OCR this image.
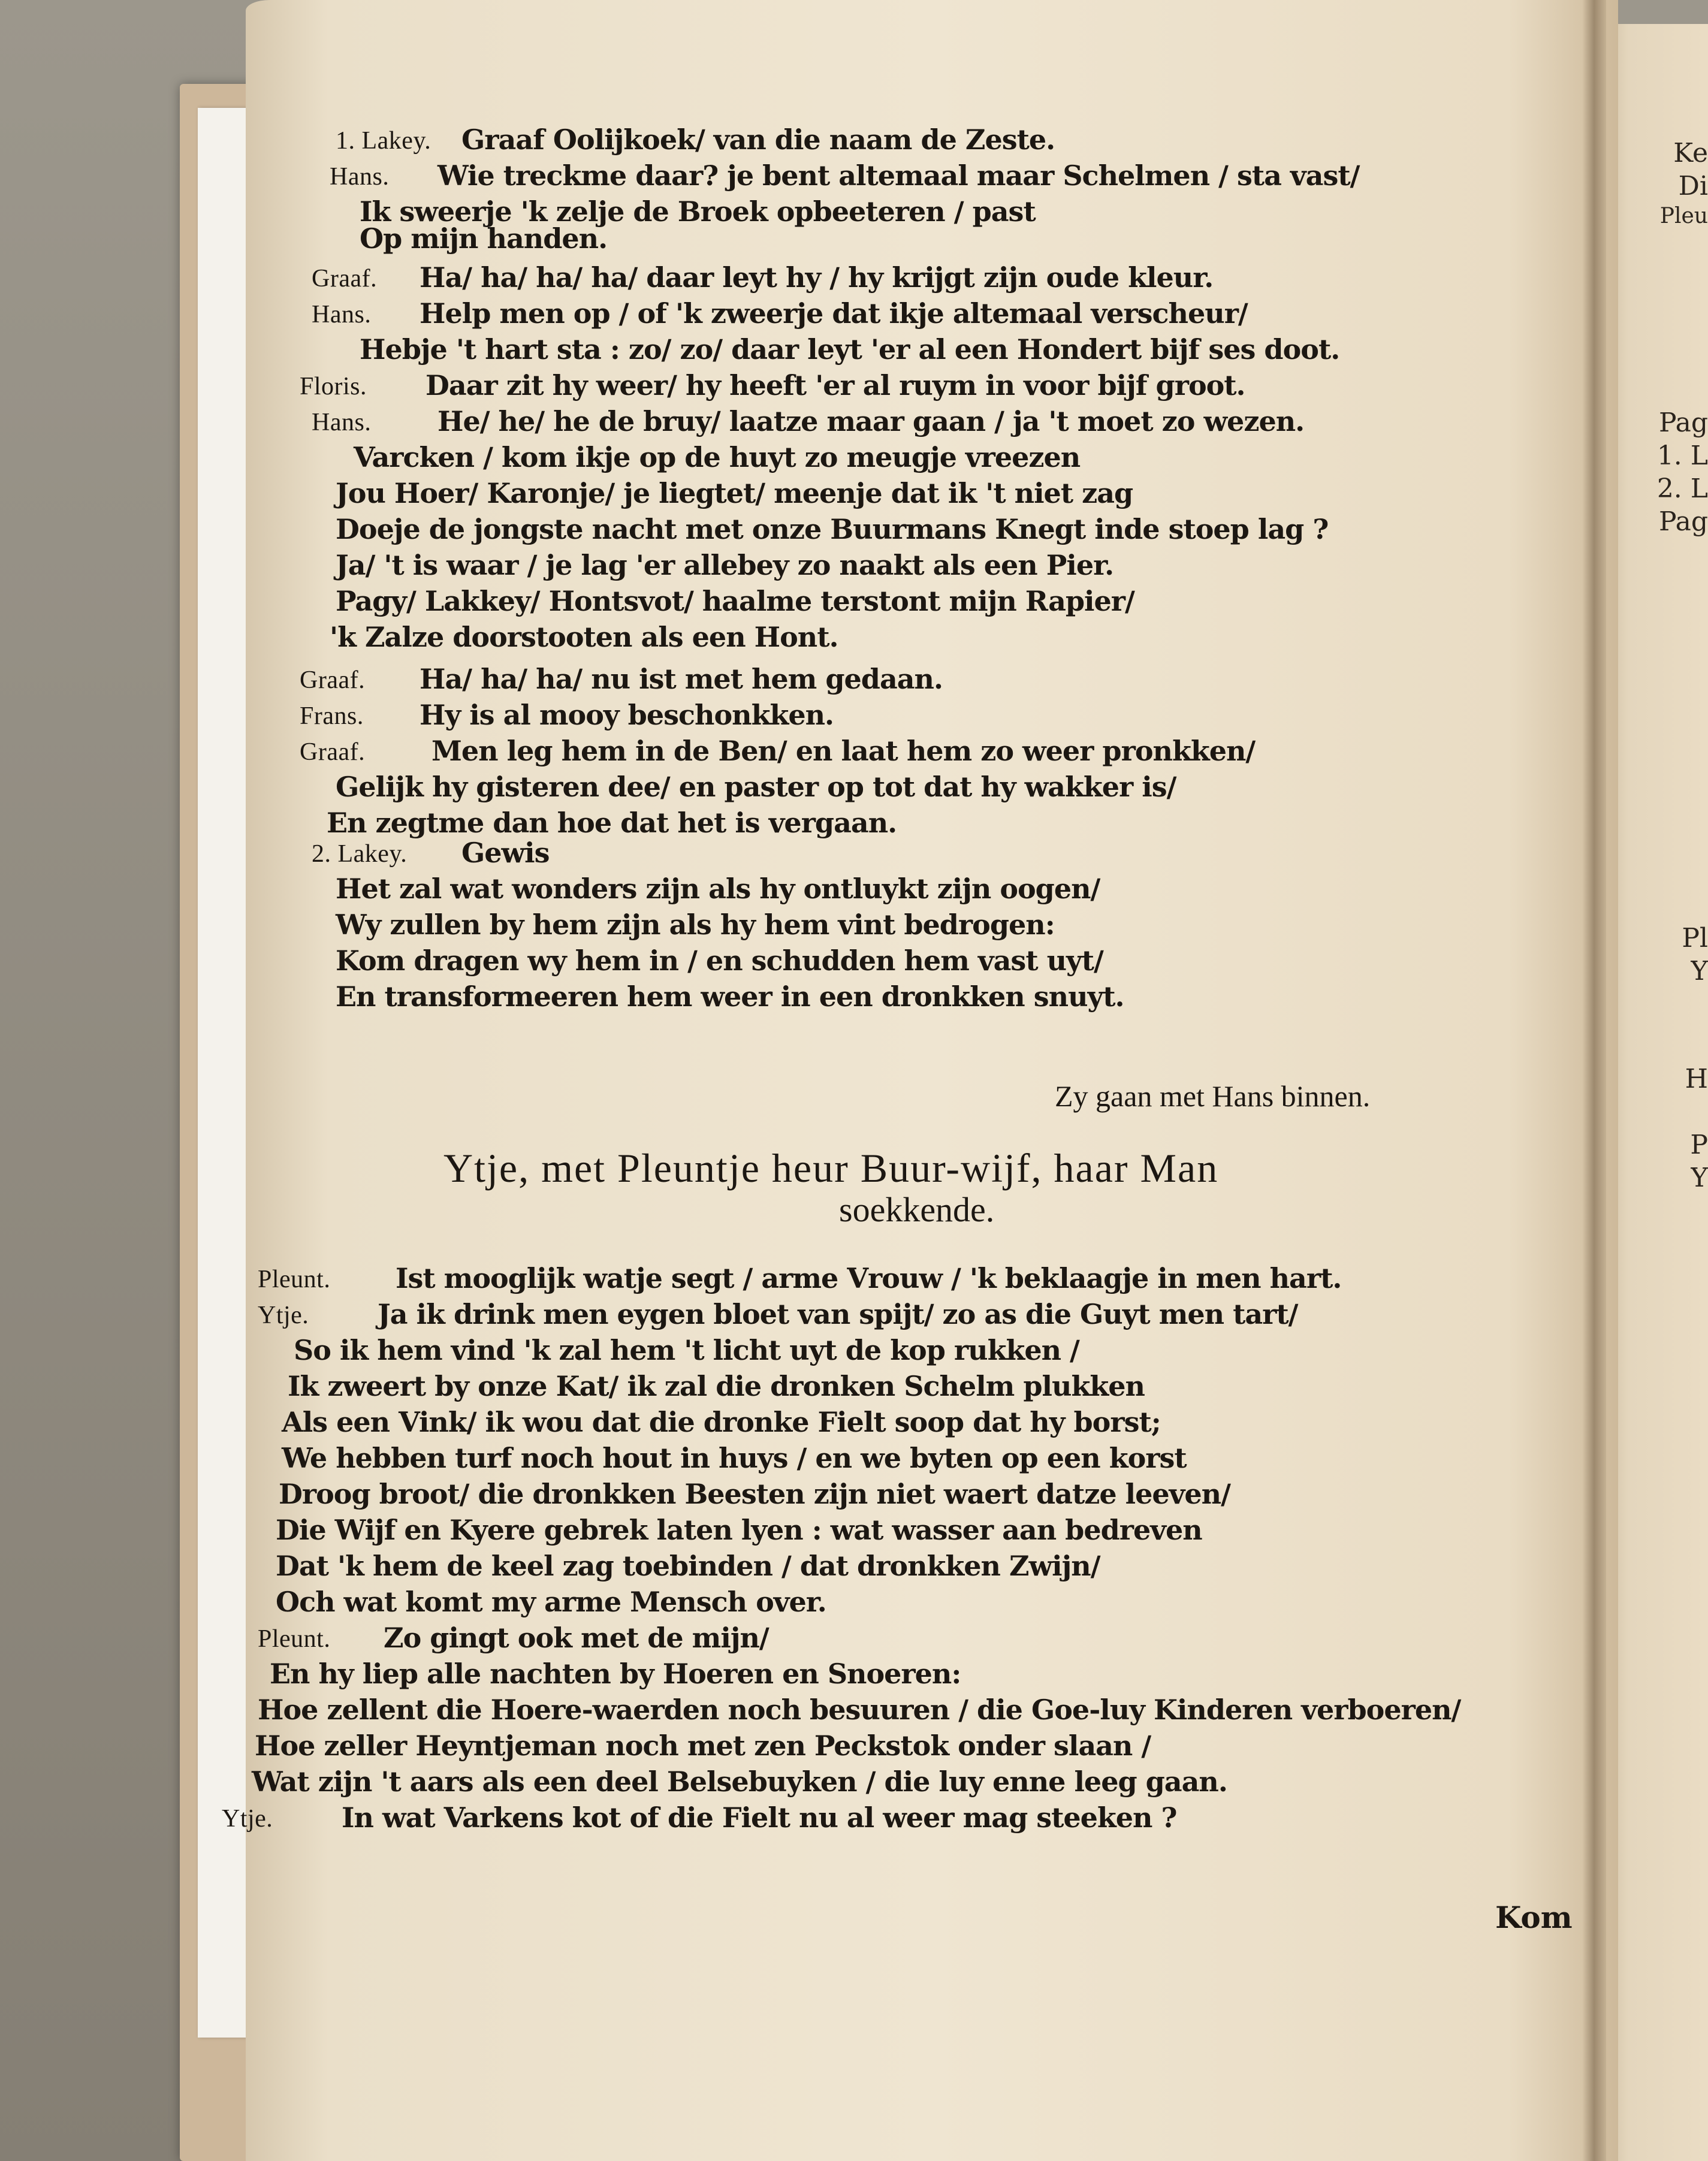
Ke
Di
Pleu
Pag
1. L
2. L
Pag
Pl
Y
H
P
Y
1. Lakey. Graaf Oolijkoek/ van die naam de Zeste.
Hans. Wie treckme daar? je bent altemaal maar Schelmen / sta vast/
Ik sweerje 'k zelje de Broek opbeeteren / past
Op mijn handen.
Graaf. Ha/ ha/ ha/ ha/ daar leyt hy / hy krijgt zijn oude kleur.
Hans. Help men op / of 'k zweerje dat ikje altemaal verscheur/
Hebje 't hart sta : zo/ zo/ daar leyt 'er al een Hondert bijf ses doot.
Floris. Daar zit hy weer/ hy heeft 'er al ruym in voor bijf groot.
Hans. He/ he/ he de bruy/ laatze maar gaan / ja 't moet zo wezen.
Varcken / kom ikje op de huyt zo meugje vreezen
Jou Hoer/ Karonje/ je liegtet/ meenje dat ik 't niet zag
Doeje de jongste nacht met onze Buurmans Knegt inde stoep lag ?
Ja/ 't is waar / je lag 'er allebey zo naakt als een Pier.
Pagy/ Lakkey/ Hontsvot/ haalme terstont mijn Rapier/
'k Zalze doorstooten als een Hont.
Graaf. Ha/ ha/ ha/ nu ist met hem gedaan.
Frans. Hy is al mooy beschonkken.
Graaf. Men leg hem in de Ben/ en laat hem zo weer pronkken/
Gelijk hy gisteren dee/ en paster op tot dat hy wakker is/
En zegtme dan hoe dat het is vergaan.
2. Lakey. Gewis
Het zal wat wonders zijn als hy ontluykt zijn oogen/
Wy zullen by hem zijn als hy hem vint bedrogen:
Kom dragen wy hem in / en schudden hem vast uyt/
En transformeeren hem weer in een dronkken snuyt.
Zy gaan met Hans binnen.
Ytje, met Pleuntje heur Buur-wijf, haar Man
soekkende.
Pleunt. Ist mooglijk watje segt / arme Vrouw / 'k beklaagje in men hart.
Ytje. Ja ik drink men eygen bloet van spijt/ zo as die Guyt men tart/
So ik hem vind 'k zal hem 't licht uyt de kop rukken /
Ik zweert by onze Kat/ ik zal die dronken Schelm plukken
Als een Vink/ ik wou dat die dronke Fielt soop dat hy borst;
We hebben turf noch hout in huys / en we byten op een korst
Droog broot/ die dronkken Beesten zijn niet waert datze leeven/
Die Wijf en Kyere gebrek laten lyen : wat wasser aan bedreven
Dat 'k hem de keel zag toebinden / dat dronkken Zwijn/
Och wat komt my arme Mensch over.
Pleunt. Zo gingt ook met de mijn/
En hy liep alle nachten by Hoeren en Snoeren:
Hoe zellent die Hoere-waerden noch besuuren / die Goe-luy Kinderen verboeren/
Hoe zeller Heyntjeman noch met zen Peckstok onder slaan /
Wat zijn 't aars als een deel Belsebuyken / die luy enne leeg gaan.
Ytje. In wat Varkens kot of die Fielt nu al weer mag steeken ?
Kom
